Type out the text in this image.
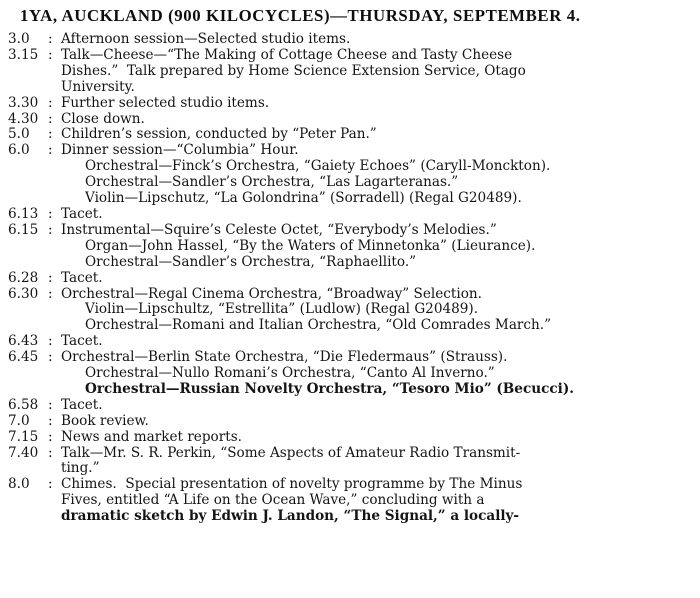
1YA, AUCKLAND (900 KILOCYCLES)—THURSDAY, SEPTEMBER 4.
3.0	: Afternoon session—Selected studio items.
3.15 : Talk—Cheese—“The Making of Cottage Cheese and Tasty Cheese
Dishes.”  Talk prepared by Home Science Extension Service, Otago
University.
3.30 : Further selected studio items.
4.30 : Close down.
5.0	: Children’s session, conducted by “Peter Pan.”
6.0	: Dinner session—“Columbia” Hour.
Orchestral—Finck’s Orchestra, “Gaiety Echoes” (Caryll-Monckton).
Orchestral—Sandler’s Orchestra, “Las Lagarteranas.”
Violin—Lipschutz, “La Golondrina” (Sorradell) (Regal G20489).
6.13 : Tacet.
6.15 : Instrumental—Squire’s Celeste Octet, “Everybody’s Melodies.”
Organ—John Hassel, “By the Waters of Minnetonka” (Lieurance).
Orchestral—Sandler’s Orchestra, “Raphaellito.”
6.28 : Tacet.
6.30 : Orchestral—Regal Cinema Orchestra, “Broadway” Selection.
Violin—Lipschultz, “Estrellita” (Ludlow) (Regal G20489).
Orchestral—Romani and Italian Orchestra, “Old Comrades March.”
6.43 : Tacet.
6.45 : Orchestral—Berlin State Orchestra, “Die Fledermaus” (Strauss).
Orchestral—Nullo Romani’s Orchestra, “Canto Al Inverno.”
Orchestral—Russian Novelty Orchestra, “Tesoro Mio” (Becucci).
6.58 : Tacet.
7.0	: Book review.
7.15 : News and market reports.
7.40 : Talk—Mr. S. R. Perkin, “Some Aspects of Amateur Radio Transmit-
ting.”
8.0	: Chimes.  Special presentation of novelty programme by The Minus
Fives, entitled “A Life on the Ocean Wave,” concluding with a
dramatic sketch by Edwin J. Landon, “The Signal,” a locally-
